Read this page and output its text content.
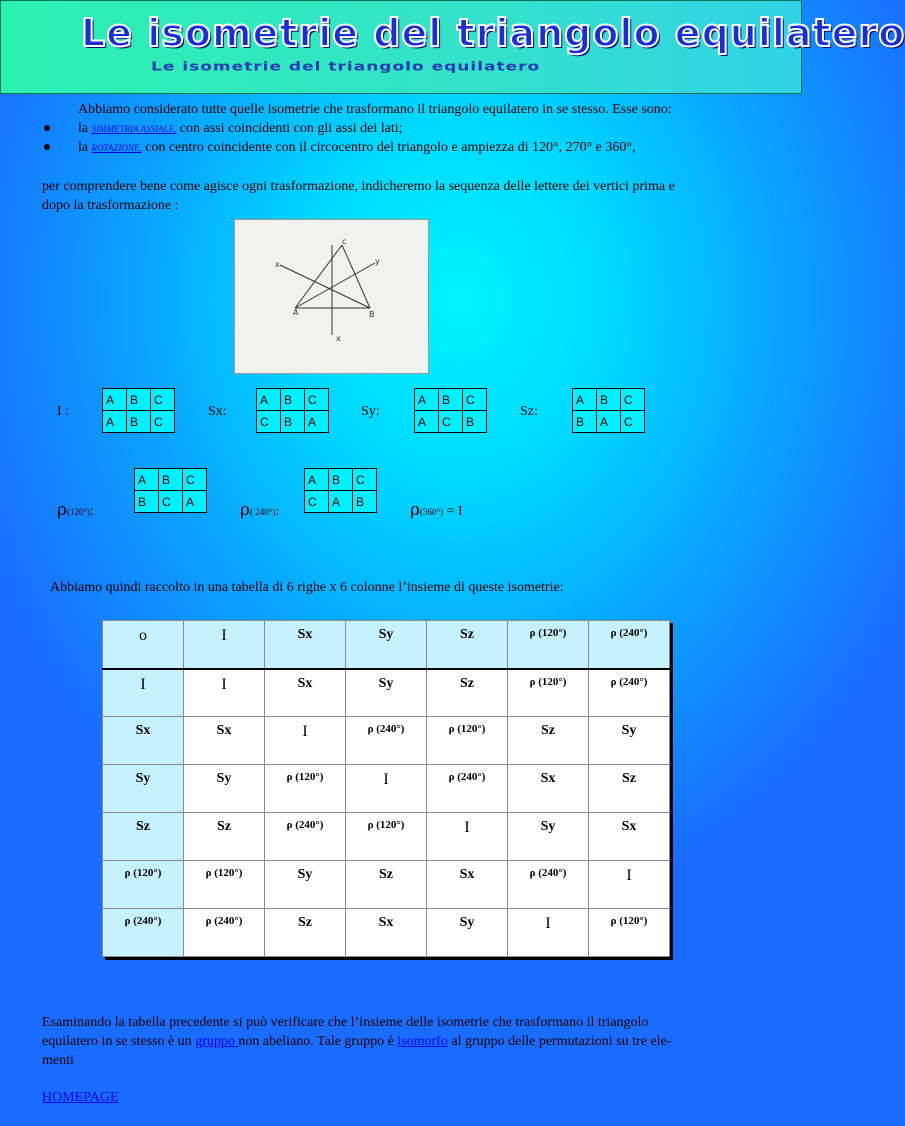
Le isometrie del triangolo equilatero
Le isometrie del triangolo equilatero
Abbiamo considerato tutte quelle isometrie che trasformano il triangolo equilatero in se stesso. Esse sono:
la SIMMETRIA ASSIALE, con assi coincidenti con gli assi dei lati;
la ROTAZIONE, con centro coincidente con il circocentro del triangolo e ampiezza di 120°, 270° e 360°,
per comprendere bene come agisce ogni trasformazione, indicheremo la sequenza delle lettere dei vertici prima e
dopo la trasformazione :
c
y
x
A	B
x
I :
A	B	C
A	B	C
Sx:
A	B	C
C	B	A
Sy:
A	B	C
A	C	B
Sz:
A	B	C
B	A	C
ρ(120°):
A	B	C
B	C	A	ρ( 240°):
A	B	C
C	A	B	ρ(360°) = I
Abbiamo quindi raccolto in una tabella di 6 righe x 6 colonne l’insieme di queste isometrie:
o	I	Sx	Sy	Sz	ρ (120°)	ρ (240°)
I	I	Sx	Sy	Sz	ρ (120°)	ρ (240°)
Sx	Sx	I	ρ (240°)	ρ (120°)	Sz	Sy
Sy	Sy	ρ (120°)	I	ρ (240°)	Sx	Sz
Sz	Sz	ρ (240°)	ρ (120°)	I	Sy	Sx
ρ (120°)	ρ (120°)	Sy	Sz	Sx	ρ (240°)	I
ρ (240°)	ρ (240°)	Sz	Sx	Sy	I	ρ (120°)
Esaminando la tabella precedente si può verificare che l’insieme delle isometrie che trasformano il triangolo
equilatero in se stesso è un gruppo non abeliano. Tale gruppo è isomorfo al gruppo delle permutazioni su tre ele-
menti
HOMEPAGE
